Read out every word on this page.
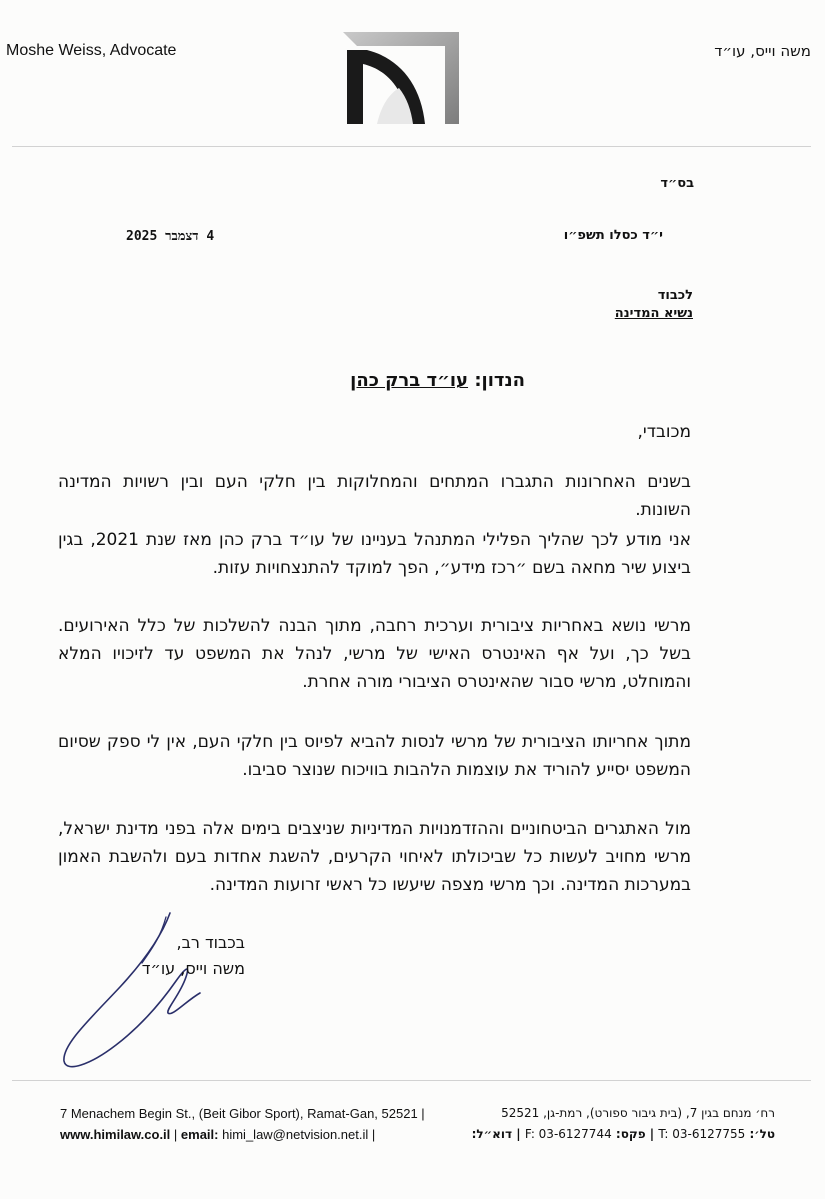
Moshe Weiss, Advocate	משה וייס, עו״ד
בס״ד
4 דצמבר 2025	י״ד כסלו תשפ״ו
לכבוד
נשיא המדינה
הנדון: עו״ד ברק כהן
מכובדי,
בשנים האחרונות התגברו המתחים והמחלוקות בין חלקי העם ובין רשויות המדינה השונות.
אני מודע לכך שהליך הפלילי המתנהל בעניינו של עו״ד ברק כהן מאז שנת 2021, בגין ביצוע שיר מחאה בשם ״רכז מידע״, הפך למוקד להתנצחויות עזות.
מרשי נושא באחריות ציבורית וערכית רחבה, מתוך הבנה להשלכות של כלל האירועים. בשל כך, ועל אף האינטרס האישי של מרשי, לנהל את המשפט עד לזיכויו המלא והמוחלט, מרשי סבור שהאינטרס הציבורי מורה אחרת.
מתוך אחריותו הציבורית של מרשי לנסות להביא לפיוס בין חלקי העם, אין לי ספק שסיום המשפט יסייע להוריד את עוצמות הלהבות בוויכוח שנוצר סביבו.
מול האתגרים הביטחוניים וההזדמנויות המדיניות שניצבים בימים אלה בפני מדינת ישראל, מרשי מחויב לעשות כל שביכולתו לאיחוי הקרעים, להשגת אחדות בעם ולהשבת האמון במערכות המדינה. וכך מרשי מצפה שיעשו כל ראשי זרועות המדינה.
בכבוד רב,
משה וייס, עו״ד
7 Menachem Begin St., (Beit Gibor Sport), Ramat-Gan, 52521 |	רח׳ מנחם בגין 7, (בית גיבור ספורט), רמת-גן, 52521
www.himilaw.co.il | email: himi_law@netvision.net.il |	טל׳: T: 03-6127755 | פקס: F: 03-6127744 | דוא״ל:
